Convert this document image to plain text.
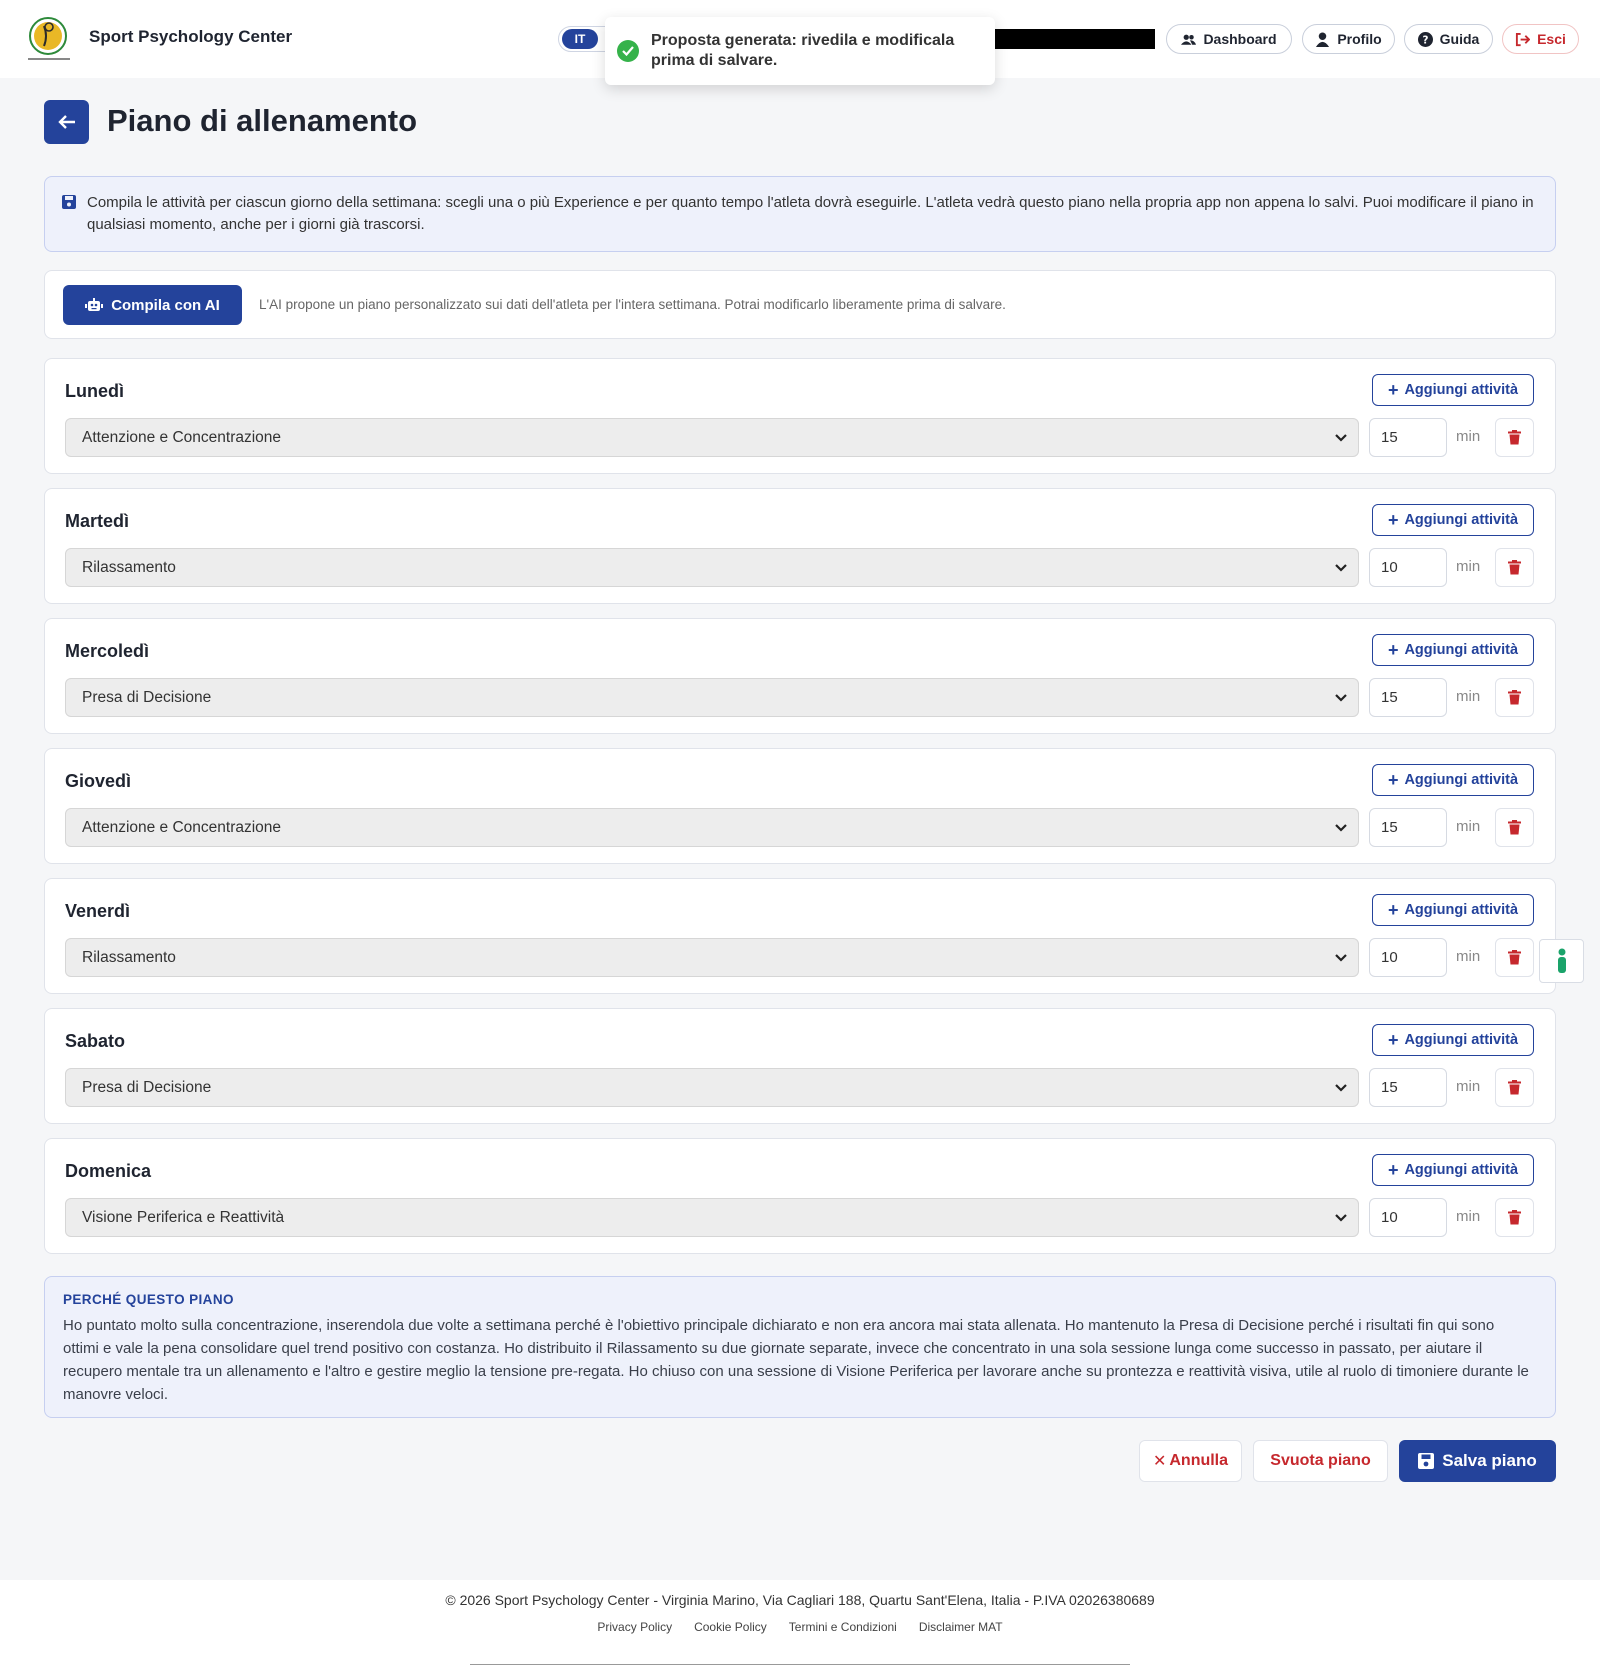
Sport Psychology Center	IT	Dashboard	Profilo	? Guida	Esci
Proposta generata: rivedila e modificala prima di salvare.
Piano di allenamento
Compila le attività per ciascun giorno della settimana: scegli una o più Experience e per quanto tempo l'atleta dovrà eseguirle. L'atleta vedrà questo piano nella propria app non appena lo salvi. Puoi modificare il piano in qualsiasi momento, anche per i giorni già trascorsi.
Compila con AI	L'AI propone un piano personalizzato sui dati dell'atleta per l'intera settimana. Potrai modificarlo liberamente prima di salvare.
Lunedì	+ Aggiungi attività
Attenzione e Concentrazione	15	min
Martedì	+ Aggiungi attività
Rilassamento	10	min
Mercoledì	+ Aggiungi attività
Presa di Decisione	15	min
Giovedì	+ Aggiungi attività
Attenzione e Concentrazione	15	min
Venerdì	+ Aggiungi attività
Rilassamento	10	min
Sabato	+ Aggiungi attività
Presa di Decisione	15	min
Domenica	+ Aggiungi attività
Visione Periferica e Reattività	10	min
PERCHÉ QUESTO PIANO
Ho puntato molto sulla concentrazione, inserendola due volte a settimana perché è l'obiettivo principale dichiarato e non era ancora mai stata allenata. Ho mantenuto la Presa di Decisione perché i risultati fin qui sono ottimi e vale la pena consolidare quel trend positivo con costanza. Ho distribuito il Rilassamento su due giornate separate, invece che concentrato in una sola sessione lunga come successo in passato, per aiutare il recupero mentale tra un allenamento e l'altro e gestire meglio la tensione pre-regata. Ho chiuso con una sessione di Visione Periferica per lavorare anche su prontezza e reattività visiva, utile al ruolo di timoniere durante le manovre veloci.
✕ Annulla	Svuota piano	Salva piano
© 2026 Sport Psychology Center - Virginia Marino, Via Cagliari 188, Quartu Sant'Elena, Italia - P.IVA 02026380689
Privacy Policy Cookie Policy Termini e Condizioni Disclaimer MAT
